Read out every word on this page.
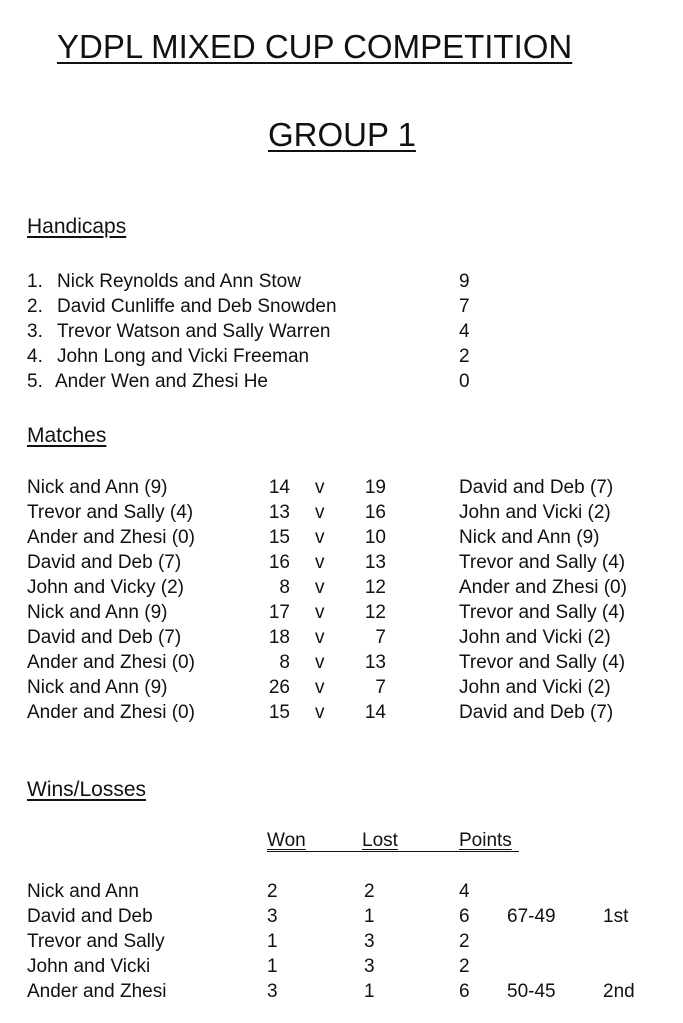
YDPL MIXED CUP COMPETITION
GROUP 1
Handicaps
1. Nick Reynolds and Ann Stow	9
2. David Cunliffe and Deb Snowden	7
3. Trevor Watson and Sally Warren	4
4. John Long and Vicki Freeman	2
5. Ander Wen and Zhesi He	0
Matches
Nick and Ann (9)	14 v 19	David and Deb (7)
Trevor and Sally (4)	13 v 16	John and Vicki (2)
Ander and Zhesi (0)	15 v 10	Nick and Ann (9)
David and Deb (7)	16 v 13	Trevor and Sally (4)
John and Vicky (2)	8 v 12	Ander and Zhesi (0)
Nick and Ann (9)	17 v 12	Trevor and Sally (4)
David and Deb (7)	18 v	7	John and Vicki (2)
Ander and Zhesi (0)	8 v 13	Trevor and Sally (4)
Nick and Ann (9)	26 v	7	John and Vicki (2)
Ander and Zhesi (0)	15 v 14	David and Deb (7)
Wins/Losses
Won	Lost	Points
Nick and Ann	2	2	4
David and Deb	3	1	6 67-49 1st
Trevor and Sally	1	3	2
John and Vicki	1	3	2
Ander and Zhesi	3	1	6 50-45 2nd
